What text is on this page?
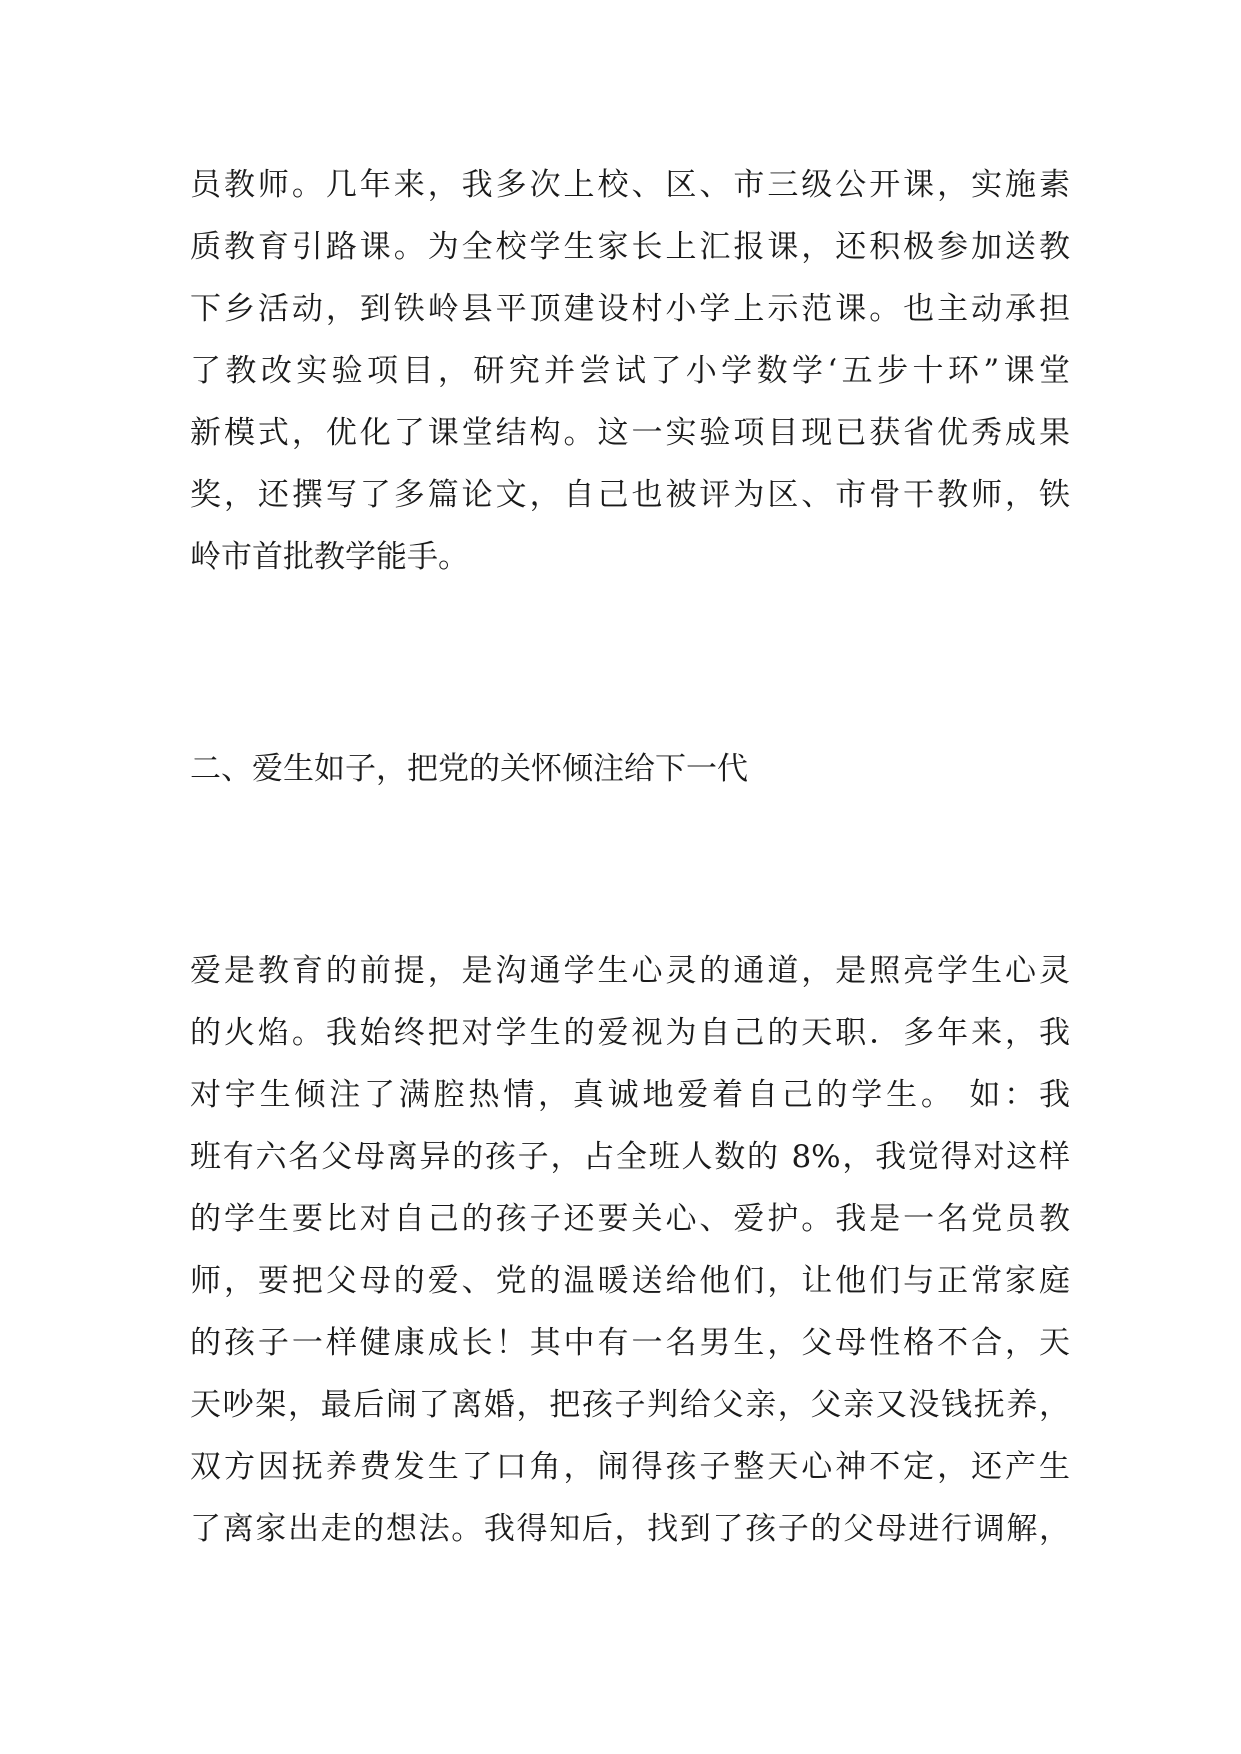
员教师。几年来，我多次上校、区、市三级公开课，实施素
质教育引路课。为全校学生家长上汇报课，还积极参加送教
下乡活动，到铁岭县平顶建设村小学上示范课。也主动承担
了教改实验项目，研究并尝试了小学数学‘五步十环”课堂
新模式，优化了课堂结构。这一实验项目现已获省优秀成果
奖，还撰写了多篇论文，自己也被评为区、市骨干教师，铁
岭市首批教学能手。
二、爱生如子，把党的关怀倾注给下一代
爱是教育的前提，是沟通学生心灵的通道，是照亮学生心灵
的火焰。我始终把对学生的爱视为自己的天职．多年来，我
对宇生倾注了满腔热情，真诚地爱着自己的学生。 如：我
班有六名父母离异的孩子，占全班人数的 8%，我觉得对这样
的学生要比对自己的孩子还要关心、爱护。我是一名党员教
师，要把父母的爱、党的温暖送给他们，让他们与正常家庭
的孩子一样健康成长！其中有一名男生，父母性格不合，天
天吵架，最后闹了离婚，把孩子判给父亲，父亲又没钱抚养，
双方因抚养费发生了口角，闹得孩子整天心神不定，还产生
了离家出走的想法。我得知后，找到了孩子的父母进行调解，
